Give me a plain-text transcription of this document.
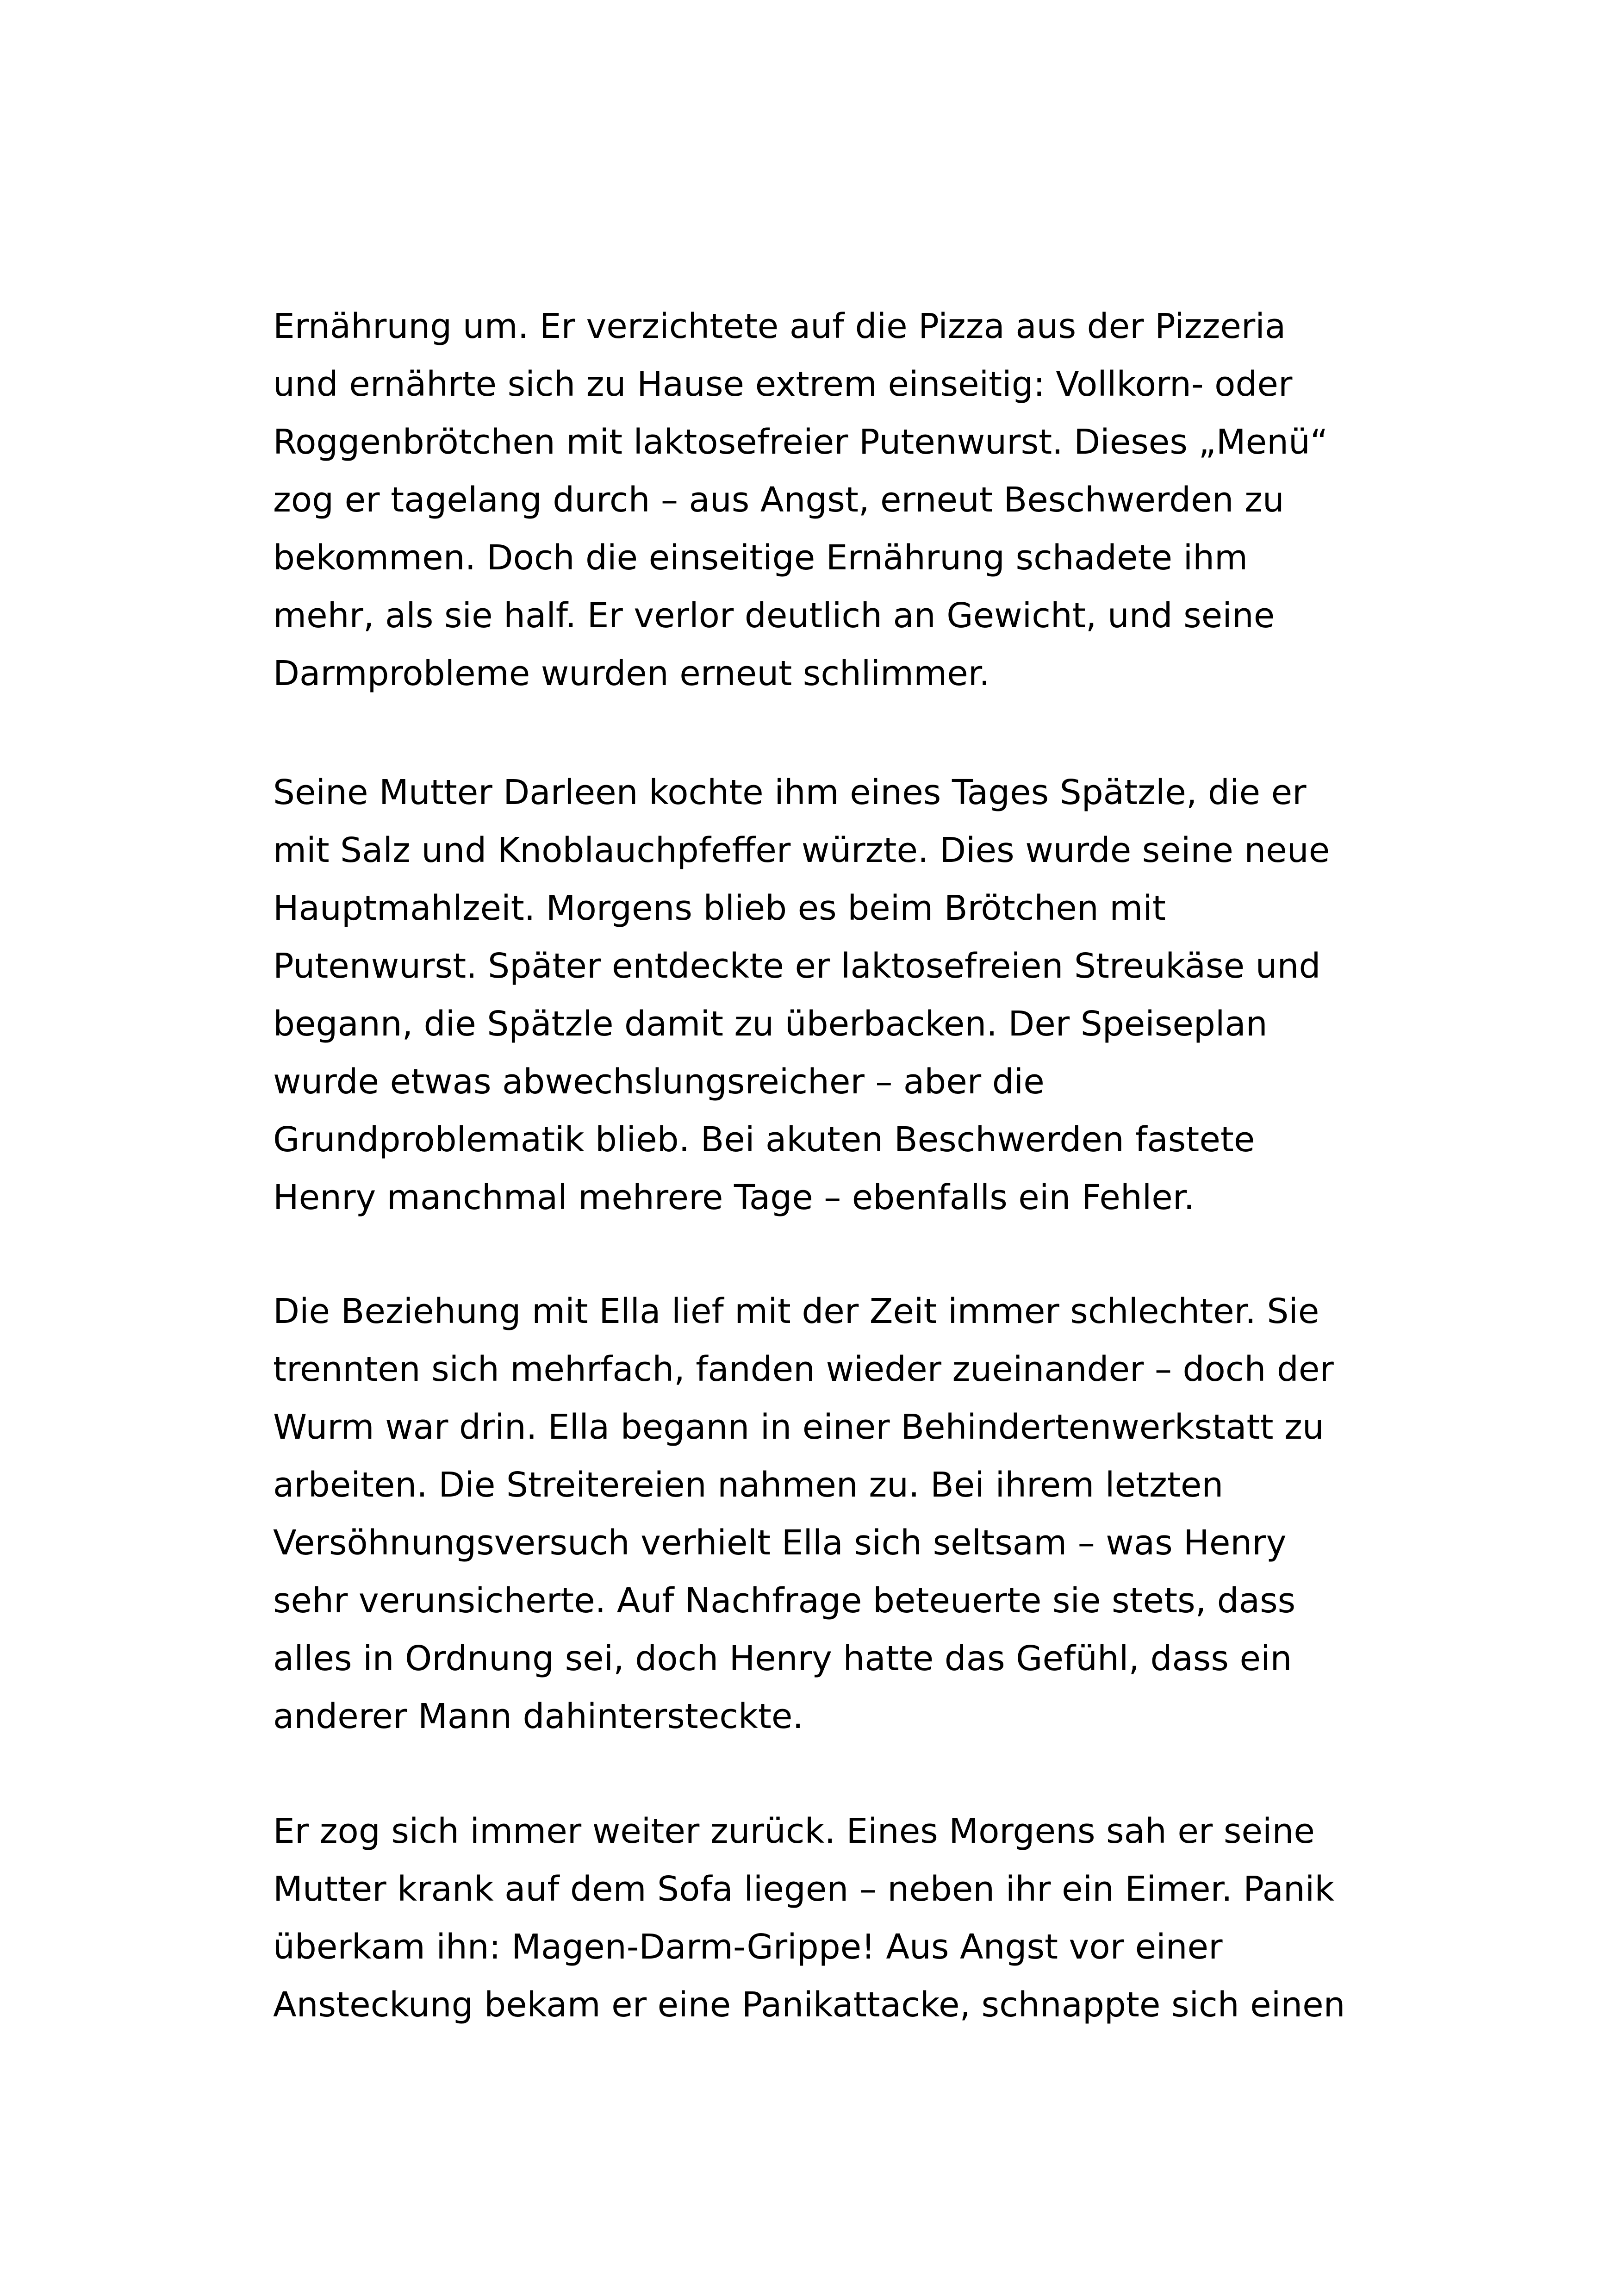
Ernährung um. Er verzichtete auf die Pizza aus der Pizzeria
und ernährte sich zu Hause extrem einseitig: Vollkorn- oder
Roggenbrötchen mit laktosefreier Putenwurst. Dieses „Menü“
zog er tagelang durch – aus Angst, erneut Beschwerden zu
bekommen. Doch die einseitige Ernährung schadete ihm
mehr, als sie half. Er verlor deutlich an Gewicht, und seine
Darmprobleme wurden erneut schlimmer.

Seine Mutter Darleen kochte ihm eines Tages Spätzle, die er
mit Salz und Knoblauchpfeffer würzte. Dies wurde seine neue
Hauptmahlzeit. Morgens blieb es beim Brötchen mit
Putenwurst. Später entdeckte er laktosefreien Streukäse und
begann, die Spätzle damit zu überbacken. Der Speiseplan
wurde etwas abwechslungsreicher – aber die
Grundproblematik blieb. Bei akuten Beschwerden fastete
Henry manchmal mehrere Tage – ebenfalls ein Fehler.

Die Beziehung mit Ella lief mit der Zeit immer schlechter. Sie
trennten sich mehrfach, fanden wieder zueinander – doch der
Wurm war drin. Ella begann in einer Behindertenwerkstatt zu
arbeiten. Die Streitereien nahmen zu. Bei ihrem letzten
Versöhnungsversuch verhielt Ella sich seltsam – was Henry
sehr verunsicherte. Auf Nachfrage beteuerte sie stets, dass
alles in Ordnung sei, doch Henry hatte das Gefühl, dass ein
anderer Mann dahintersteckte.

Er zog sich immer weiter zurück. Eines Morgens sah er seine
Mutter krank auf dem Sofa liegen – neben ihr ein Eimer. Panik
überkam ihn: Magen-Darm-Grippe! Aus Angst vor einer
Ansteckung bekam er eine Panikattacke, schnappte sich einen
